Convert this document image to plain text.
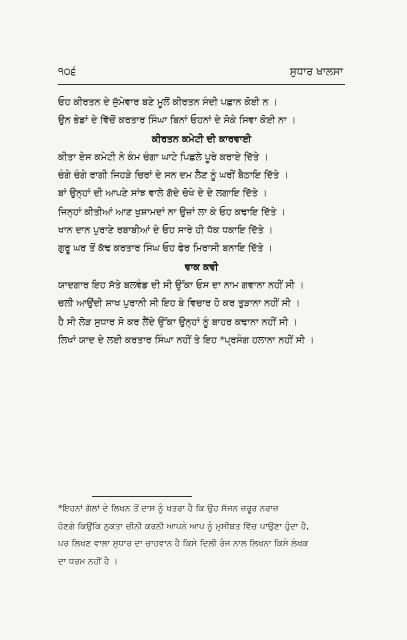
੧੦੬	ਸੁਧਾਰ ਖਾਲਸਾ
ਓਹ ਕੀਰਤਨ ਦੇ ਜੁੱਮੇਵਾਰ ਬਣੇ ਮੂਲੋਂ ਕੀਰਤਨ ਸੰਦੀ ਪਛਾਨ ਕੋਈ ਨ ।
ਉਨ ਭੇਡਾਂ ਦੇ ਵਿੱਚੋਂ ਕਰਤਾਰ ਸਿੰਘਾ ਬਿਨਾਂ ਓਹਨਾਂ ਦੇ ਸੋਕੇ ਸਿਵਾ ਕੋਈ ਨਾ ।
ਕੀਰਤਨ ਕਮੇਟੀ ਦੀ ਕਾਰਵਾਈ
ਕੀਤਾ ਏਸ ਕਮੇਟੀ ਨੇ ਕੰਮ ਚੰਗਾ ਘਾਟੇ ਪਿਛਲੇ ਪੂਰੇ ਕਰਾਏ ਦਿੱਤੇ ।
ਚੰਗੇ ਚੰਗੇ ਰਾਗੀ ਜਿਹੜੇ ਚਿਰਾਂ ਦੇ ਸਨ ਦਮ ਲੈਣ ਨੂੰ ਘਰੀਂ ਬੈਠਾਇ ਦਿੱਤੇ ।
ਬਾਂ ਉਨ੍ਹਾਂ ਦੀ ਆਪਣੇ ਸਾਂਝ ਵਾਲੇ ਗੱਦੇ ਚੋਖੇ ਦੇ ਦੇ ਲਗਾਇ ਦਿੱਤੇ ।
ਜਿਨ੍ਹਾਂ ਕੀਤੀਆਂ ਆਣ ਖੁਸ਼ਾਮਦਾਂ ਨਾ ਉਜ਼ਾਂ ਲਾ ਕੇ ਓਹ ਕਢਾਇ ਦਿੱਤੇ ।
ਖਾਨ ਦਾਨ ਪੁਰਾਣੇ ਰਬਾਬੀਆਂ ਦੇ ਓਹ ਸਾਰੇ ਹੀ ਧੱਕ ਧਕਾਇ ਦਿੱਤੇ ।
ਗੁਰੂ ਘਰ ਤੋਂ ਕੱਢ ਕਰਤਾਰ ਸਿੰਘ ਓਹ ਫੇਰ ਮਿਰਾਸੀ ਬਨਾਇ ਦਿੱਤੇ ।
ਵਾਕ ਕਵੀ
ਯਾਦਗਾਰ ਇਹ ਸੱਤੇ ਬਲਵੰਡ ਦੀ ਸੀ ਉੱਕਾ ਓਸ ਦਾ ਨਾਮ ਗਵਾਨਾ ਨਹੀਂ ਸੀ ।
ਚਲੀ ਆਉਂਦੀ ਸ਼ਾਖ ਪੁਰਾਨੀ ਸੀ ਇਹ ਬੇ ਵਿਚਾਰ ਹੋ ਕਰ ਤੁੜਾਨਾ ਨਹੀਂ ਸੀ ।
ਹੈ ਸੀ ਲੋੜ ਸੁਧਾਰ ਸੋ ਕਰ ਲੈਂਦੇ ਉੱਕਾ ਉਨ੍ਹਾਂ ਨੂੰ ਬਾਹਰ ਕਢਾਨਾ ਨਹੀਂ ਸੀ ।
ਲਿਖਾਂ ਯਾਦ ਦੇ ਲਈ ਕਰਤਾਰ ਸਿੰਘਾ ਨਹੀਂ ਤੇ ਇਹ *ਪ੍ਰਸੰਗ ਹਲਾਨਾ ਨਹੀਂ ਸੀ ।
*ਇਹਨਾਂ ਗੱਲਾਂ ਦੇ ਲਿਖਨ ਤੋਂ ਦਾਸ ਨੂੰ ਖਤਰਾ ਹੈ ਕਿ ਉਹ ਸੱਜਨ ਜ਼ਰੂਰ ਨਰਾਜ਼
ਹੋਣਗੇ ਕਿਉਂਕਿ ਨੁਕਤਾ ਚੀਨੀ ਕਰਨੀ ਆਪਨੇ ਆਪ ਨੂੰ ਮੁਸੀਬਤ ਵਿੱਚ ਪਾਉਣਾ ਹੁੰਦਾ ਹੈ,
ਪਰ ਲਿਖਣ ਵਾਲਾ ਸੁਧਾਰ ਦਾ ਚਾਹਵਾਨ ਹੈ ਕਿਸੇ ਦਿਲੀ ਰੰਜ ਨਾਲ ਲਿਖਨਾ ਕਿਸੇ ਲੇਖਕ
ਦਾ ਧਰਮ ਨਹੀਂ ਹੈ ।
